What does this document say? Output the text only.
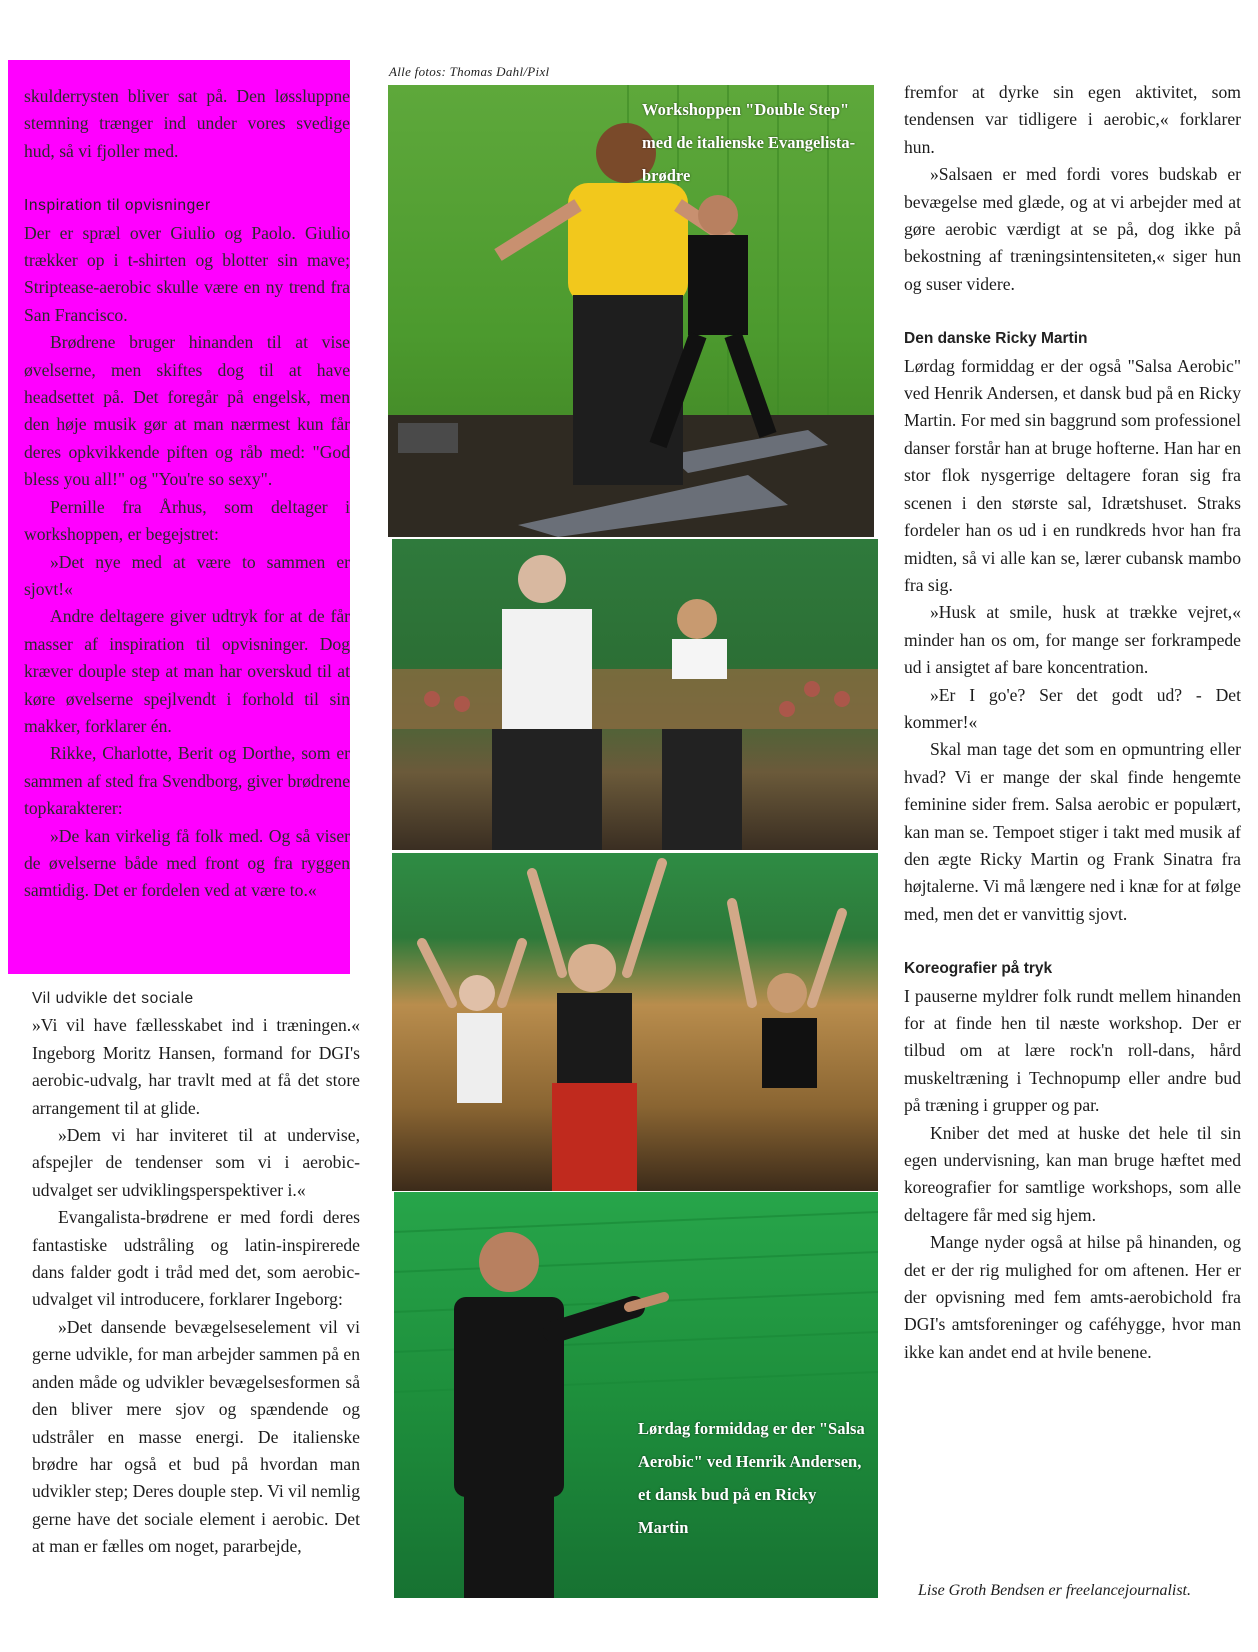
skulderrysten bliver sat på. Den løssluppne stemning trænger ind under vores svedige hud, så vi fjoller med.

Inspiration til opvisninger

Der er spræl over Giulio og Paolo. Giulio trækker op i t-shirten og blotter sin mave; Striptease-aerobic skulle være en ny trend fra San Francisco.

Brødrene bruger hinanden til at vise øvelserne, men skiftes dog til at have headsettet på. Det foregår på engelsk, men den høje musik gør at man nærmest kun får deres opkvikkende piften og råb med: "God bless you all!" og "You're so sexy".

Pernille fra Århus, som deltager i workshoppen, er begejstret:

»Det nye med at være to sammen er sjovt!«

Andre deltagere giver udtryk for at de får masser af inspiration til opvisninger. Dog kræver douple step at man har overskud til at køre øvelserne spejlvendt i forhold til sin makker, forklarer én.

Rikke, Charlotte, Berit og Dorthe, som er sammen af sted fra Svendborg, giver brødrene topkarakterer:

»De kan virkelig få folk med. Og så viser de øvelserne både med front og fra ryggen samtidig. Det er fordelen ved at være to.«

Vil udvikle det sociale

»Vi vil have fællesskabet ind i træningen.« Ingeborg Moritz Hansen, formand for DGI's aerobic-udvalg, har travlt med at få det store arrangement til at glide.

»Dem vi har inviteret til at undervise, afspejler de tendenser som vi i aerobic-udvalget ser udviklingsperspektiver i.«

Evangalista-brødrene er med fordi deres fantastiske udstråling og latin-inspirerede dans falder godt i tråd med det, som aerobic-udvalget vil introducere, forklarer Ingeborg:

»Det dansende bevægelseselement vil vi gerne udvikle, for man arbejder sammen på en anden måde og udvikler bevægelsesformen så den bliver mere sjov og spændende og udstråler en masse energi. De italienske brødre har også et bud på hvordan man udvikler step; Deres douple step. Vi vil nemlig gerne have det sociale element i aerobic. Det at man er fælles om noget, pararbejde,

Alle fotos: Thomas Dahl/Pixl
Workshoppen "Double Step" med de italienske Evangelista-brødre
Lørdag formiddag er der "Salsa Aerobic" ved Henrik Andersen, et dansk bud på en Ricky Martin

fremfor at dyrke sin egen aktivitet, som tendensen var tidligere i aerobic,« forklarer hun.

»Salsaen er med fordi vores budskab er bevægelse med glæde, og at vi arbejder med at gøre aerobic værdigt at se på, dog ikke på bekostning af træningsintensiteten,« siger hun og suser videre.

Den danske Ricky Martin

Lørdag formiddag er der også "Salsa Aerobic" ved Henrik Andersen, et dansk bud på en Ricky Martin. For med sin baggrund som professionel danser forstår han at bruge hofterne. Han har en stor flok nysgerrige deltagere foran sig fra scenen i den største sal, Idrætshuset. Straks fordeler han os ud i en rundkreds hvor han fra midten, så vi alle kan se, lærer cubansk mambo fra sig.

»Husk at smile, husk at trække vejret,« minder han os om, for mange ser forkrampede ud i ansigtet af bare koncentration.

»Er I go'e? Ser det godt ud? - Det kommer!«

Skal man tage det som en opmuntring eller hvad? Vi er mange der skal finde hengemte feminine sider frem. Salsa aerobic er populært, kan man se. Tempoet stiger i takt med musik af den ægte Ricky Martin og Frank Sinatra fra højtalerne. Vi må længere ned i knæ for at følge med, men det er vanvittig sjovt.

Koreografier på tryk

I pauserne myldrer folk rundt mellem hinanden for at finde hen til næste workshop. Der er tilbud om at lære rock'n roll-dans, hård muskeltræning i Technopump eller andre bud på træning i grupper og par.

Kniber det med at huske det hele til sin egen undervisning, kan man bruge hæftet med koreografier for samtlige workshops, som alle deltagere får med sig hjem.

Mange nyder også at hilse på hinanden, og det er der rig mulighed for om aftenen. Her er der opvisning med fem amts-aerobichold fra DGI's amtsforeninger og caféhygge, hvor man ikke kan andet end at hvile benene.

Lise Groth Bendsen er freelancejournalist.
